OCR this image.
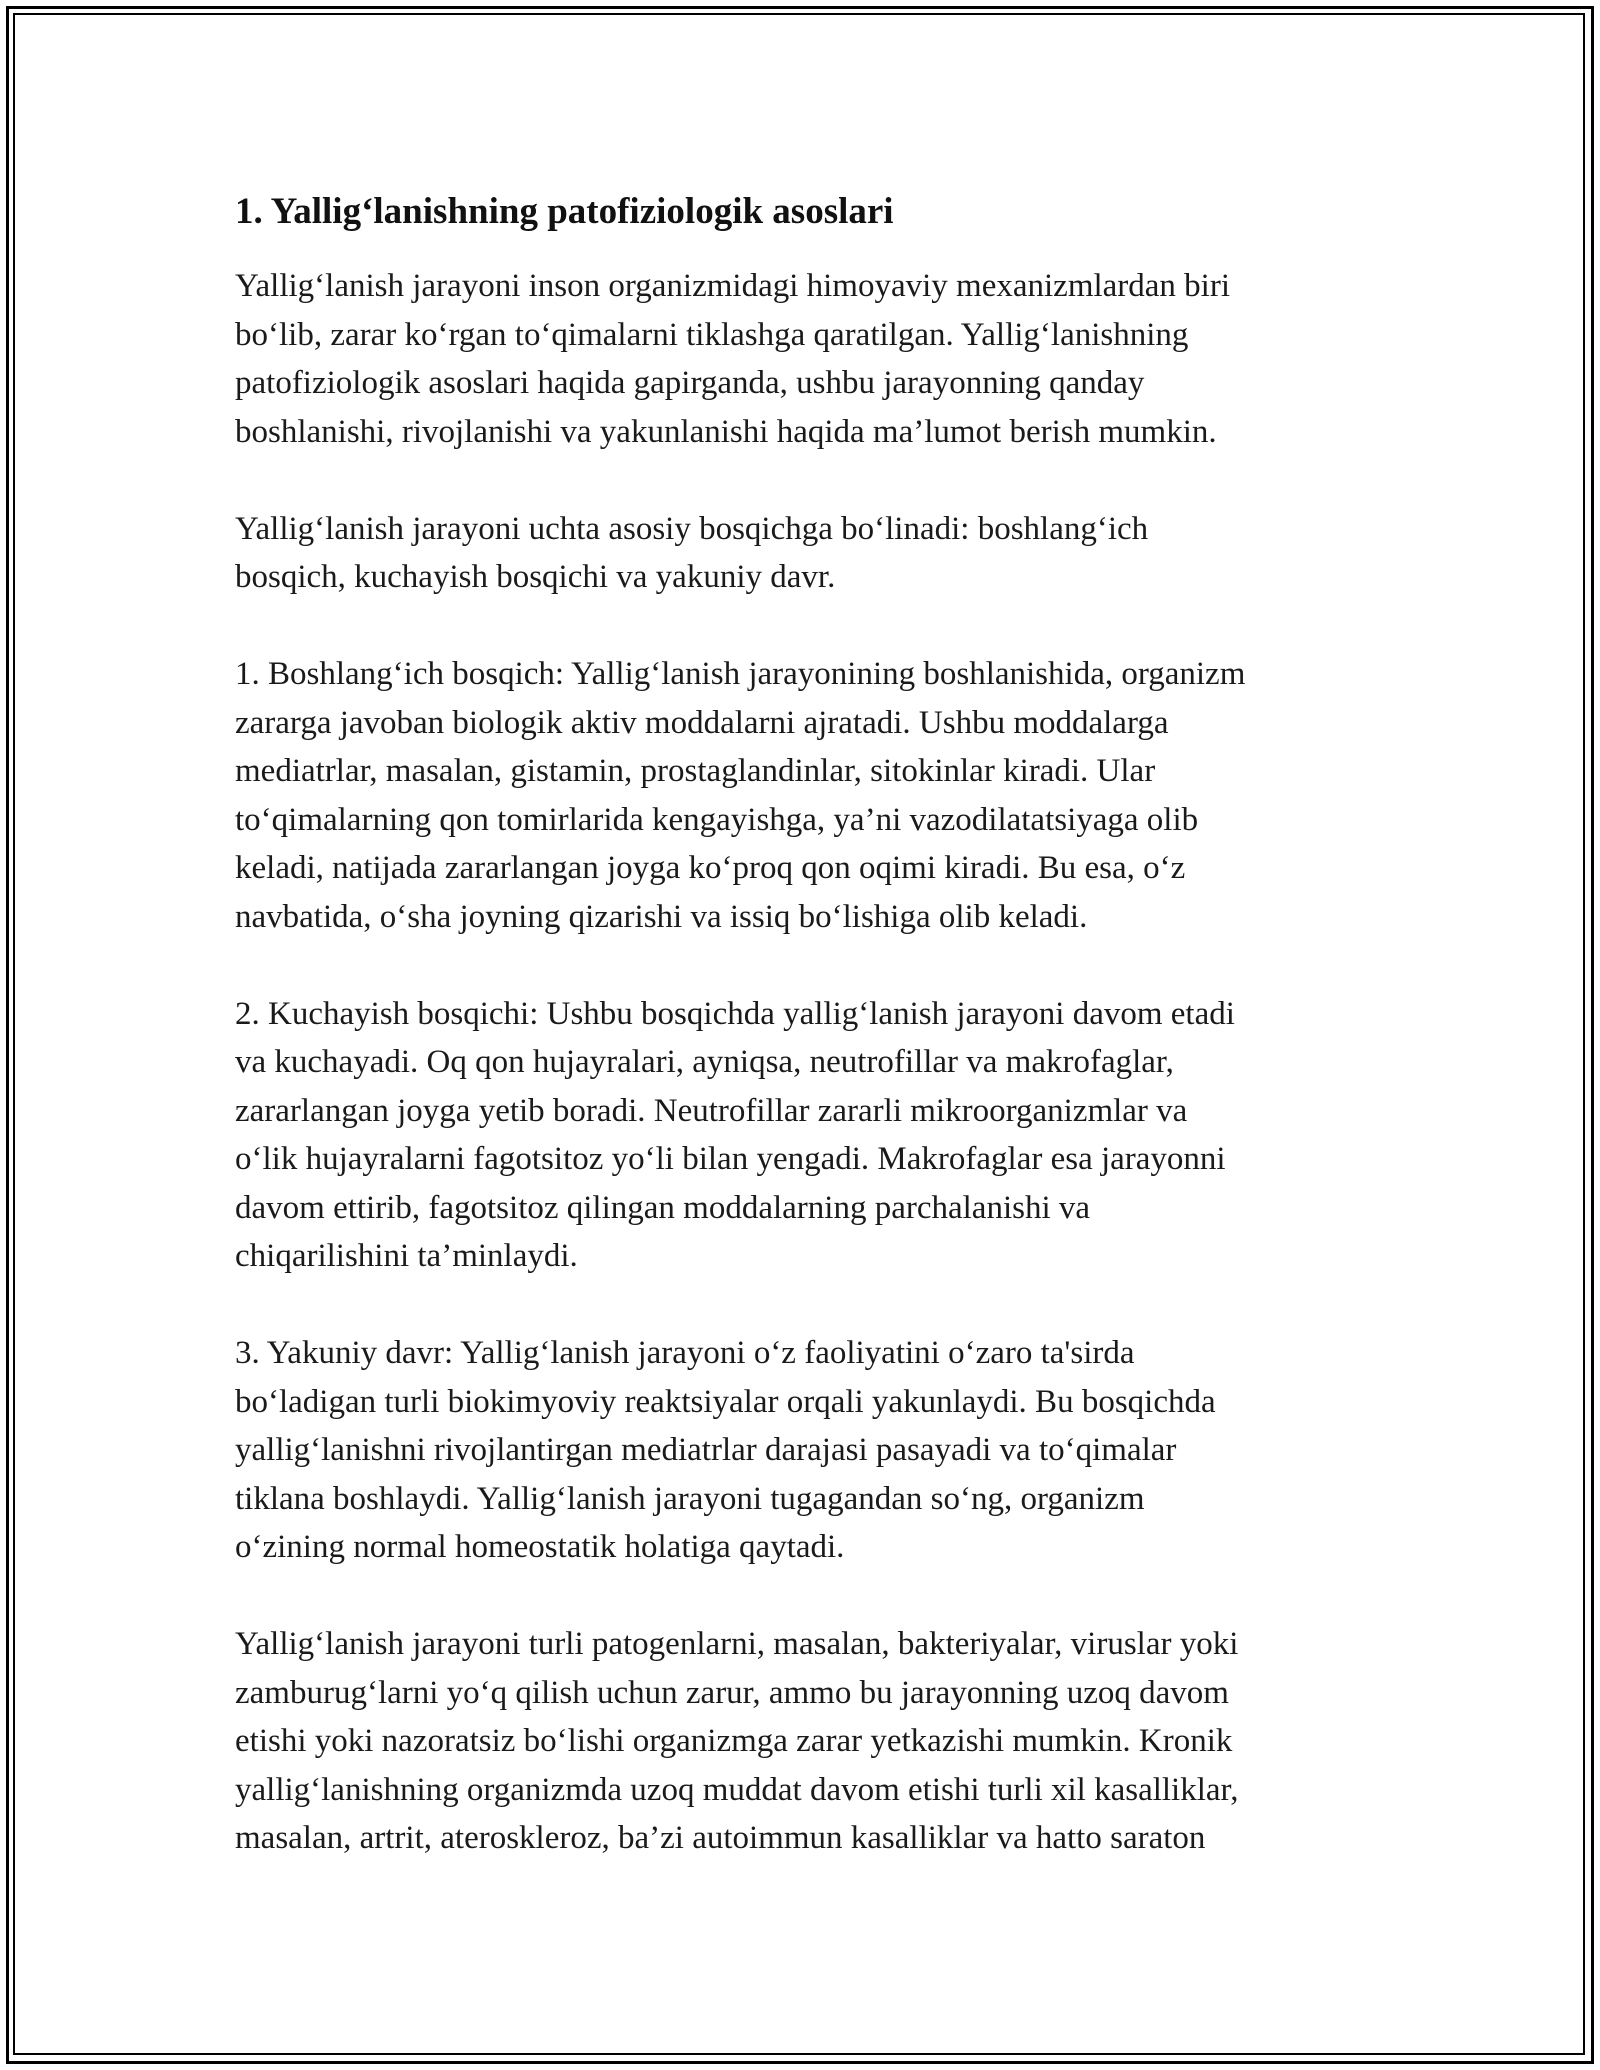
1. Yallig‘lanishning patofiziologik asoslari

Yallig‘lanish jarayoni inson organizmidagi himoyaviy mexanizmlardan biri
bo‘lib, zarar ko‘rgan to‘qimalarni tiklashga qaratilgan. Yallig‘lanishning
patofiziologik asoslari haqida gapirganda, ushbu jarayonning qanday
boshlanishi, rivojlanishi va yakunlanishi haqida ma’lumot berish mumkin.

Yallig‘lanish jarayoni uchta asosiy bosqichga bo‘linadi: boshlang‘ich
bosqich, kuchayish bosqichi va yakuniy davr.

1. Boshlang‘ich bosqich: Yallig‘lanish jarayonining boshlanishida, organizm
zararga javoban biologik aktiv moddalarni ajratadi. Ushbu moddalarga
mediatrlar, masalan, gistamin, prostaglandinlar, sitokinlar kiradi. Ular
to‘qimalarning qon tomirlarida kengayishga, ya’ni vazodilatatsiyaga olib
keladi, natijada zararlangan joyga ko‘proq qon oqimi kiradi. Bu esa, o‘z
navbatida, o‘sha joyning qizarishi va issiq bo‘lishiga olib keladi.

2. Kuchayish bosqichi: Ushbu bosqichda yallig‘lanish jarayoni davom etadi
va kuchayadi. Oq qon hujayralari, ayniqsa, neutrofillar va makrofaglar,
zararlangan joyga yetib boradi. Neutrofillar zararli mikroorganizmlar va
o‘lik hujayralarni fagotsitoz yo‘li bilan yengadi. Makrofaglar esa jarayonni
davom ettirib, fagotsitoz qilingan moddalarning parchalanishi va
chiqarilishini ta’minlaydi.

3. Yakuniy davr: Yallig‘lanish jarayoni o‘z faoliyatini o‘zaro ta'sirda
bo‘ladigan turli biokimyoviy reaktsiyalar orqali yakunlaydi. Bu bosqichda
yallig‘lanishni rivojlantirgan mediatrlar darajasi pasayadi va to‘qimalar
tiklana boshlaydi. Yallig‘lanish jarayoni tugagandan so‘ng, organizm
o‘zining normal homeostatik holatiga qaytadi.

Yallig‘lanish jarayoni turli patogenlarni, masalan, bakteriyalar, viruslar yoki
zamburug‘larni yo‘q qilish uchun zarur, ammo bu jarayonning uzoq davom
etishi yoki nazoratsiz bo‘lishi organizmga zarar yetkazishi mumkin. Kronik
yallig‘lanishning organizmda uzoq muddat davom etishi turli xil kasalliklar,
masalan, artrit, ateroskleroz, ba’zi autoimmun kasalliklar va hatto saraton
